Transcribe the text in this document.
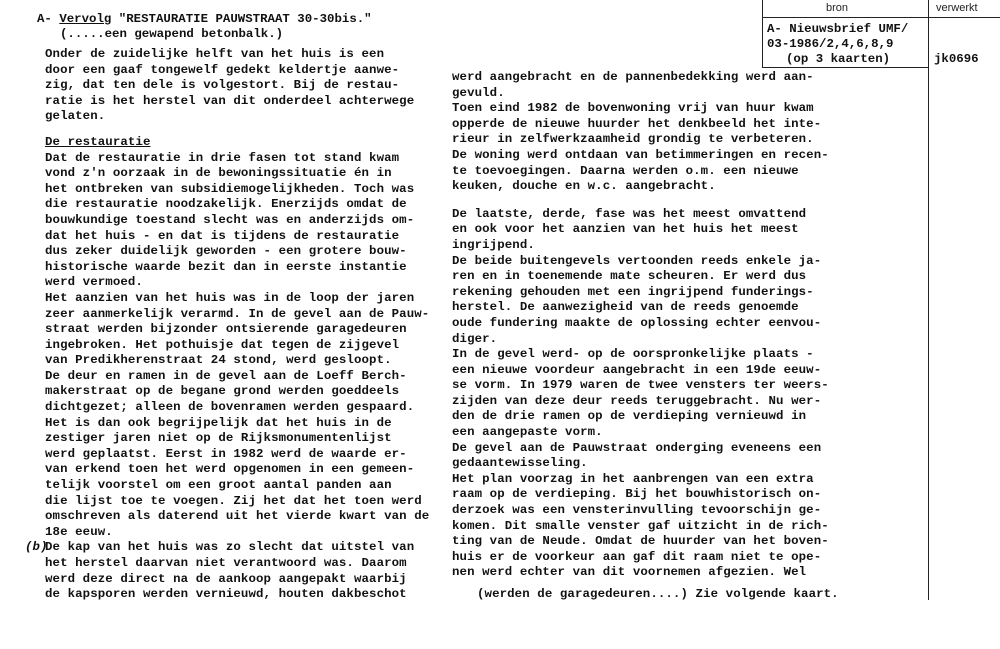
bron	verwerkt
A- Nieuwsbrief UMF/
03-1986/2,4,6,8,9
(op 3 kaarten)	jk0696
A- Vervolg "RESTAURATIE PAUWSTRAAT 30-30bis."
(.....een gewapend betonbalk.)
Onder de zuidelijke helft van het huis is een
door een gaaf tongewelf gedekt keldertje aanwe-
zig, dat ten dele is volgestort. Bij de restau-
ratie is het herstel van dit onderdeel achterwege
gelaten.
De restauratie
Dat de restauratie in drie fasen tot stand kwam
vond z'n oorzaak in de bewoningssituatie én in
het ontbreken van subsidiemogelijkheden. Toch was
die restauratie noodzakelijk. Enerzijds omdat de
bouwkundige toestand slecht was en anderzijds om-
dat het huis - en dat is tijdens de restauratie
dus zeker duidelijk geworden - een grotere bouw-
historische waarde bezit dan in eerste instantie
werd vermoed.
Het aanzien van het huis was in de loop der jaren
zeer aanmerkelijk verarmd. In de gevel aan de Pauw-
straat werden bijzonder ontsierende garagedeuren
ingebroken. Het pothuisje dat tegen de zijgevel
van Predikherenstraat 24 stond, werd gesloopt.
De deur en ramen in de gevel aan de Loeff Berch-
makerstraat op de begane grond werden goeddeels
dichtgezet; alleen de bovenramen werden gespaard.
Het is dan ook begrijpelijk dat het huis in de
zestiger jaren niet op de Rijksmonumentenlijst
werd geplaatst. Eerst in 1982 werd de waarde er-
van erkend toen het werd opgenomen in een gemeen-
telijk voorstel om een groot aantal panden aan
die lijst toe te voegen. Zij het dat het toen werd
omschreven als daterend uit het vierde kwart van de
18e eeuw.
(b)
De kap van het huis was zo slecht dat uitstel van
het herstel daarvan niet verantwoord was. Daarom
werd deze direct na de aankoop aangepakt waarbij
de kapsporen werden vernieuwd, houten dakbeschot
werd aangebracht en de pannenbedekking werd aan-
gevuld.
Toen eind 1982 de bovenwoning vrij van huur kwam
opperde de nieuwe huurder het denkbeeld het inte-
rieur in zelfwerkzaamheid grondig te verbeteren.
De woning werd ontdaan van betimmeringen en recen-
te toevoegingen. Daarna werden o.m. een nieuwe
keuken, douche en w.c. aangebracht.
De laatste, derde, fase was het meest omvattend
en ook voor het aanzien van het huis het meest
ingrijpend.
De beide buitengevels vertoonden reeds enkele ja-
ren en in toenemende mate scheuren. Er werd dus
rekening gehouden met een ingrijpend funderings-
herstel. De aanwezigheid van de reeds genoemde
oude fundering maakte de oplossing echter eenvou-
diger.
In de gevel werd- op de oorspronkelijke plaats -
een nieuwe voordeur aangebracht in een 19de eeuw-
se vorm. In 1979 waren de twee vensters ter weers-
zijden van deze deur reeds teruggebracht. Nu wer-
den de drie ramen op de verdieping vernieuwd in
een aangepaste vorm.
De gevel aan de Pauwstraat onderging eveneens een
gedaantewisseling.
Het plan voorzag in het aanbrengen van een extra
raam op de verdieping. Bij het bouwhistorisch on-
derzoek was een vensterinvulling tevoorschijn ge-
komen. Dit smalle venster gaf uitzicht in de rich-
ting van de Neude. Omdat de huurder van het boven-
huis er de voorkeur aan gaf dit raam niet te ope-
nen werd echter van dit voornemen afgezien. Wel
(werden de garagedeuren....) Zie volgende kaart.
